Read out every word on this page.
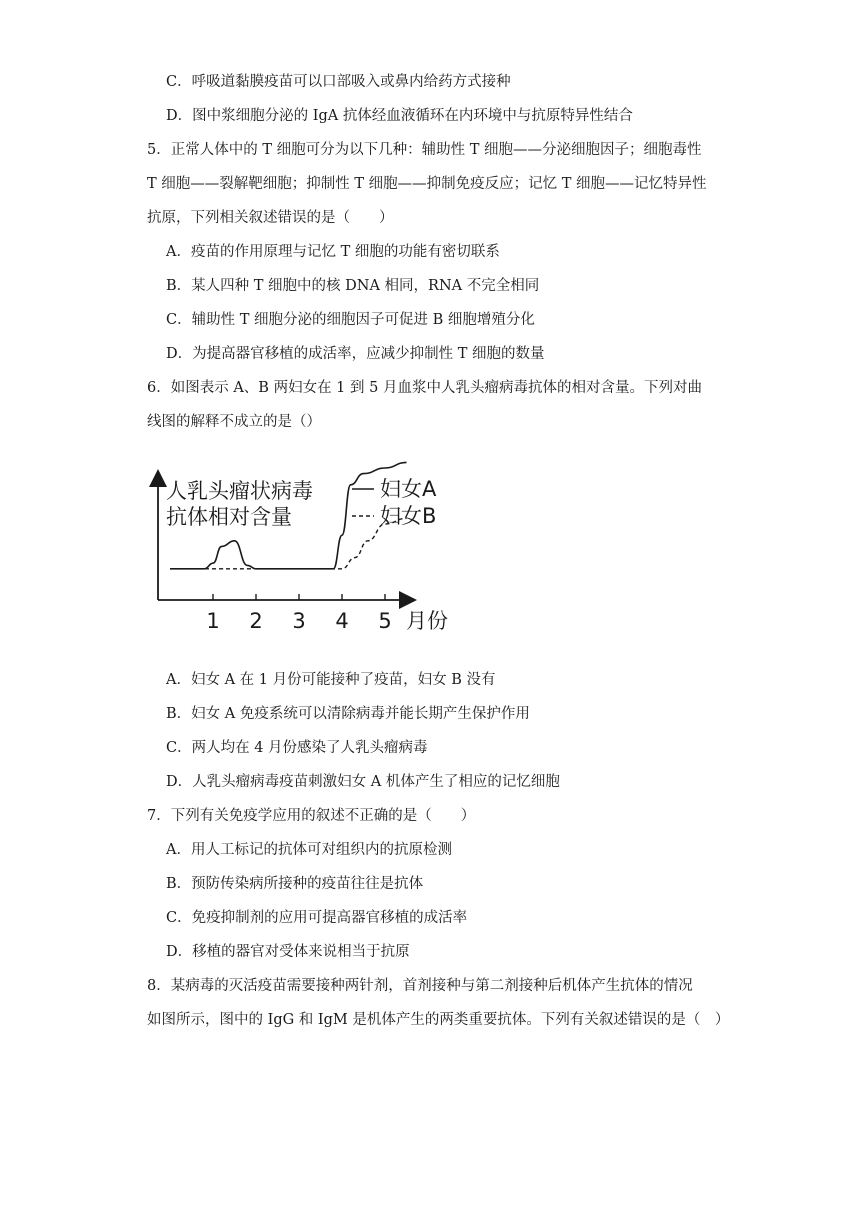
C．呼吸道黏膜疫苗可以口部吸入或鼻内给药方式接种
D．图中浆细胞分泌的 IgA 抗体经血液循环在内环境中与抗原特异性结合
5．正常人体中的 T 细胞可分为以下几种：辅助性 T 细胞——分泌细胞因子；细胞毒性
T 细胞——裂解靶细胞；抑制性 T 细胞——抑制免疫反应；记忆 T 细胞——记忆特异性
抗原，下列相关叙述错误的是（　　）
A．疫苗的作用原理与记忆 T 细胞的功能有密切联系
B．某人四种 T 细胞中的核 DNA 相同，RNA 不完全相同
C．辅助性 T 细胞分泌的细胞因子可促进 B 细胞增殖分化
D．为提高器官移植的成活率，应减少抑制性 T 细胞的数量
6．如图表示 A、B 两妇女在 1 到 5 月血浆中人乳头瘤病毒抗体的相对含量。下列对曲
线图的解释不成立的是（）
1 2 3 4 5
人乳头瘤状病毒
抗体相对含量
月份
妇女A
妇女B
A．妇女 A 在 1 月份可能接种了疫苗，妇女 B 没有
B．妇女 A 免疫系统可以清除病毒并能长期产生保护作用
C．两人均在 4 月份感染了人乳头瘤病毒
D．人乳头瘤病毒疫苗刺激妇女 A 机体产生了相应的记忆细胞
7．下列有关免疫学应用的叙述不正确的是（　　）
A．用人工标记的抗体可对组织内的抗原检测
B．预防传染病所接种的疫苗往往是抗体
C．免疫抑制剂的应用可提高器官移植的成活率
D．移植的器官对受体来说相当于抗原
8．某病毒的灭活疫苗需要接种两针剂，首剂接种与第二剂接种后机体产生抗体的情况
如图所示，图中的 IgG 和 IgM 是机体产生的两类重要抗体。下列有关叙述错误的是（　）
